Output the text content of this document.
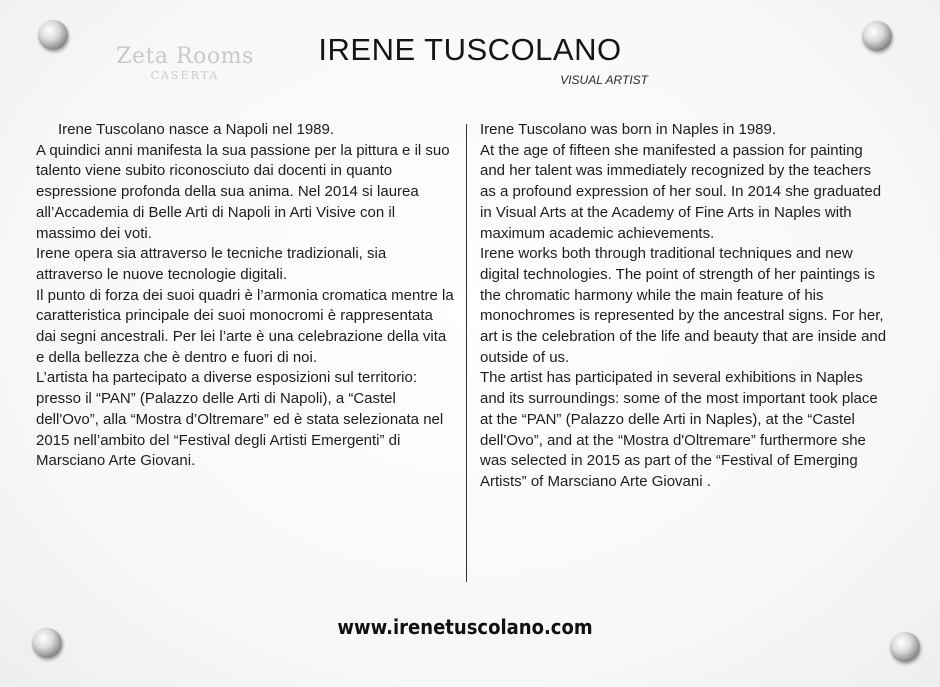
Zeta Rooms
CASERTA
IRENE TUSCOLANO
VISUAL ARTIST

Irene Tuscolano nasce a Napoli nel 1989.

A quindici anni manifesta la sua passione per la pittura e il suo talento viene subito riconosciuto dai docenti in quanto espressione profonda della sua anima. Nel 2014 si laurea all’Accademia di Belle Arti di Napoli in Arti Visive con il massimo dei voti.

Irene opera sia attraverso le tecniche tradizionali, sia attraverso le nuove tecnologie digitali.

Il punto di forza dei suoi quadri è l’armonia cromatica mentre la caratteristica principale dei suoi monocromi è rappresentata dai segni ancestrali. Per lei l’arte è una celebrazione della vita e della bellezza che è dentro e fuori di noi.

L’artista ha partecipato a diverse esposizioni sul territorio: presso il “PAN” (Palazzo delle Arti di Napoli), a “Castel dell'Ovo”, alla “Mostra d’Oltremare” ed è stata selezionata nel 2015 nell’ambito del “Festival degli Artisti Emergenti” di Marsciano Arte Giovani.

Irene Tuscolano was born in Naples in 1989.

At the age of fifteen she manifested a passion for painting and her talent was immediately recognized by the teachers as a profound expression of her soul. In 2014 she graduated in Visual Arts at the Academy of Fine Arts in Naples with maximum academic achievements.

Irene works both through traditional techniques and new digital technologies. The point of strength of her paintings is the chromatic harmony while the main feature of his monochromes is represented by the ancestral signs. For her, art is the celebration of the life and beauty that are inside and outside of us.

The artist has participated in several exhibitions in Naples and its surroundings: some of the most important took place at the “PAN” (Palazzo delle Arti in Naples), at the “Castel dell'Ovo”, and at the “Mostra d'Oltremare” furthermore she was selected in 2015 as part of the “Festival of Emerging Artists” of Marsciano Arte Giovani .

www.irenetuscolano.com
